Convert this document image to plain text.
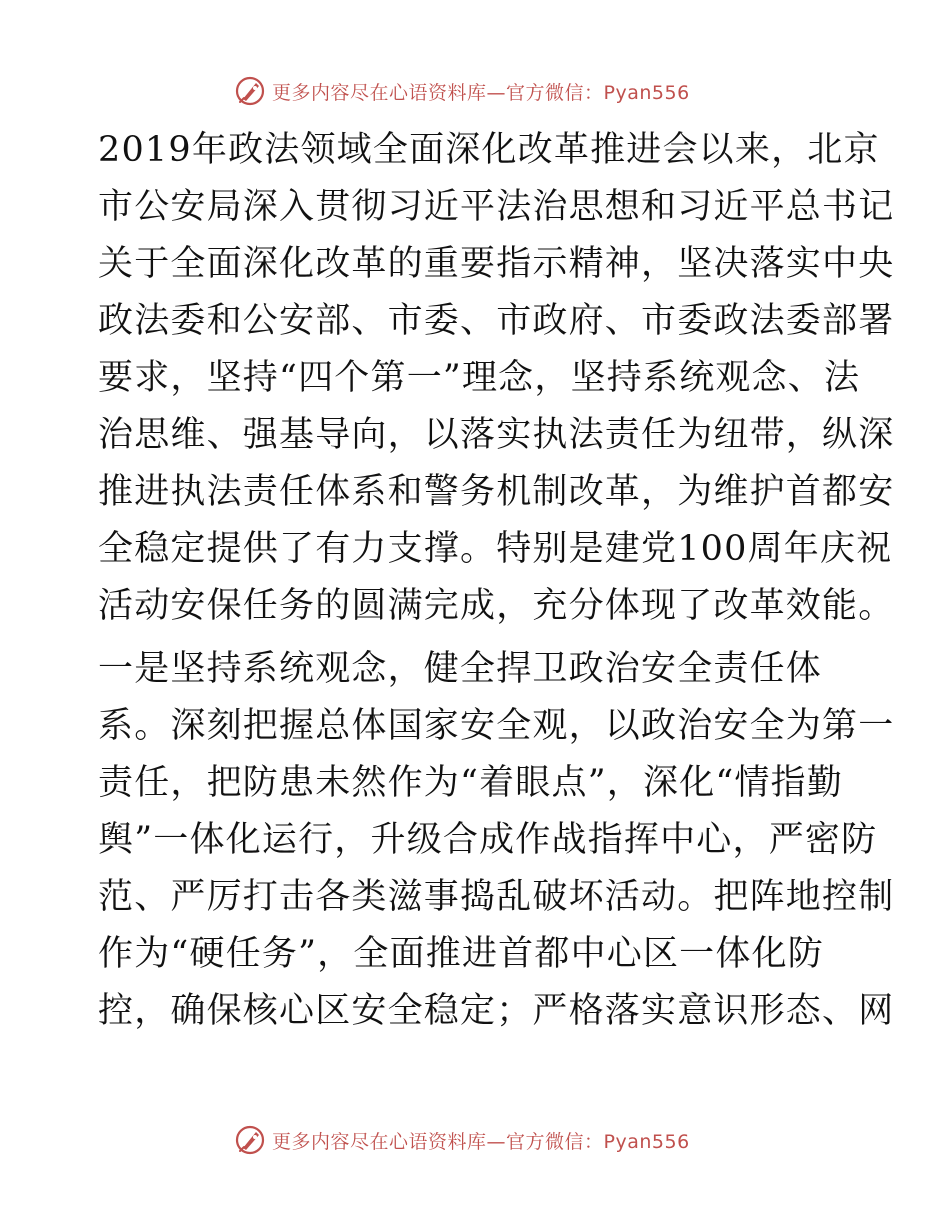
更多内容尽在心语资料库—官方微信：Pyan556

2019年政法领域全面深化改革推进会以来，北京

市公安局深入贯彻习近平法治思想和习近平总书记

关于全面深化改革的重要指示精神，坚决落实中央

政法委和公安部、市委、市政府、市委政法委部署

要求，坚持“四个第一”理念，坚持系统观念、法

治思维、强基导向，以落实执法责任为纽带，纵深

推进执法责任体系和警务机制改革，为维护首都安

全稳定提供了有力支撑。特别是建党100周年庆祝

活动安保任务的圆满完成，充分体现了改革效能。

一是坚持系统观念，健全捍卫政治安全责任体

系。深刻把握总体国家安全观，以政治安全为第一

责任，把防患未然作为“着眼点”，深化“情指勤

舆”一体化运行，升级合成作战指挥中心，严密防

范、严厉打击各类滋事捣乱破坏活动。把阵地控制

作为“硬任务”，全面推进首都中心区一体化防

控，确保核心区安全稳定；严格落实意识形态、网

更多内容尽在心语资料库—官方微信：Pyan556
